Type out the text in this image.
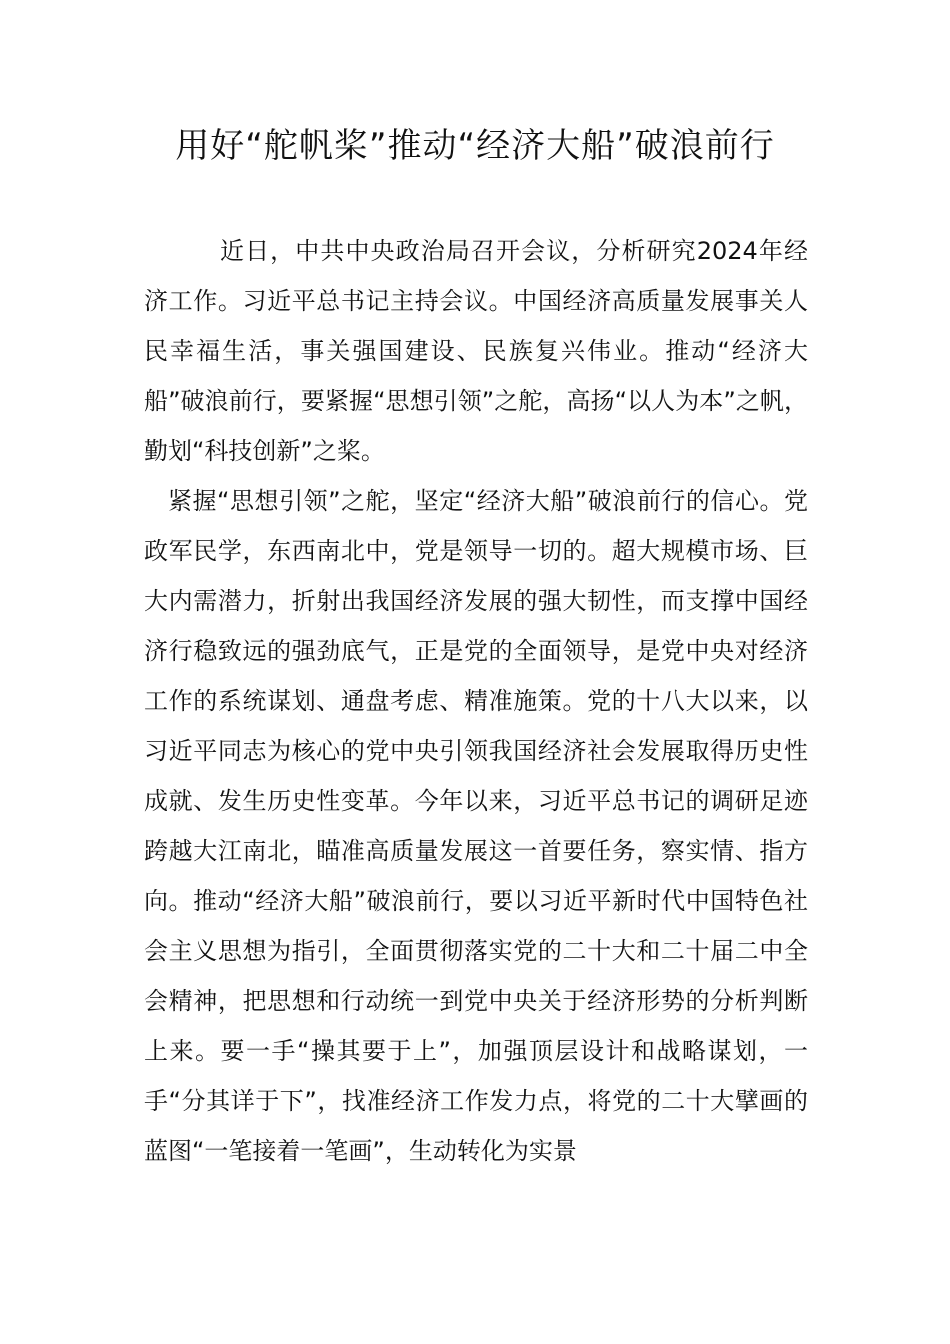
用好“舵帆桨”推动“经济大船”破浪前行

近日，中共中央政治局召开会议，分析研究2024年经济工作。习近平总书记主持会议。中国经济高质量发展事关人民幸福生活，事关强国建设、民族复兴伟业。推动“经济大船”破浪前行，要紧握“思想引领”之舵，高扬“以人为本”之帆，勤划“科技创新”之桨。

紧握“思想引领”之舵，坚定“经济大船”破浪前行的信心。党政军民学，东西南北中，党是领导一切的。超大规模市场、巨大内需潜力，折射出我国经济发展的强大韧性，而支撑中国经济行稳致远的强劲底气，正是党的全面领导，是党中央对经济工作的系统谋划、通盘考虑、精准施策。党的十八大以来，以习近平同志为核心的党中央引领我国经济社会发展取得历史性成就、发生历史性变革。今年以来，习近平总书记的调研足迹跨越大江南北，瞄准高质量发展这一首要任务，察实情、指方向。推动“经济大船”破浪前行，要以习近平新时代中国特色社会主义思想为指引，全面贯彻落实党的二十大和二十届二中全会精神，把思想和行动统一到党中央关于经济形势的分析判断上来。要一手“操其要于上”，加强顶层设计和战略谋划，一手“分其详于下”，找准经济工作发力点，将党的二十大擘画的蓝图“一笔接着一笔画”，生动转化为实景
